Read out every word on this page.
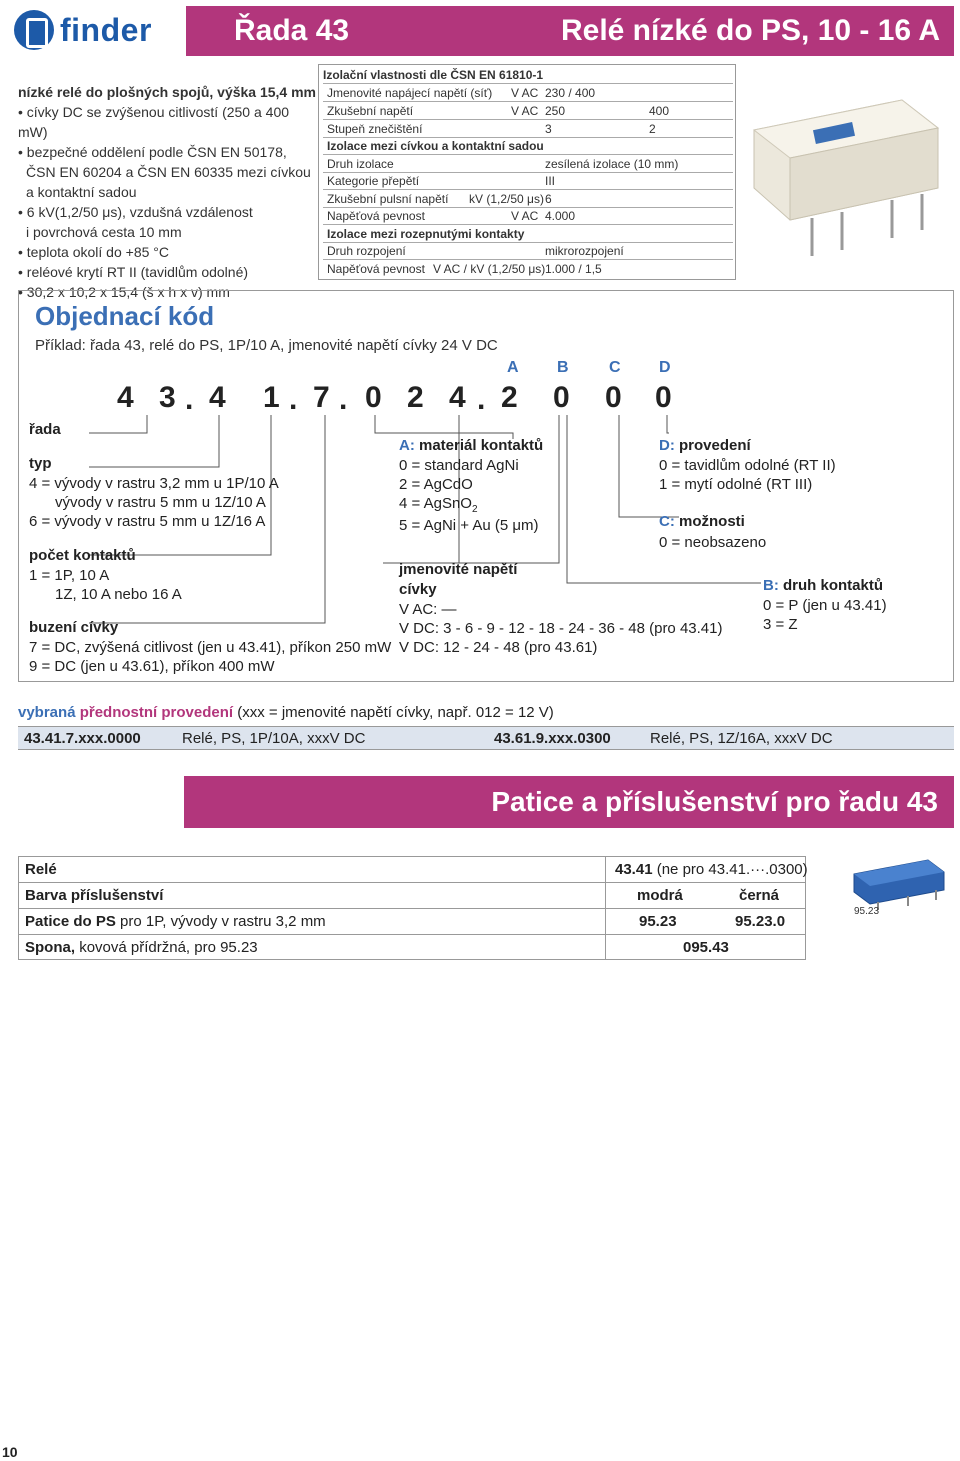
finder	Řada 43	Relé nízké do PS, 10 - 16 A
nízké relé do plošných spojů, výška 15,4 mm
• cívky DC se zvýšenou citlivostí (250 a 400 mW)
• bezpečné oddělení podle ČSN EN 50178,
ČSN EN 60204 a ČSN EN 60335 mezi cívkou
a kontaktní sadou
• 6 kV(1,2/50 μs), vzdušná vzdálenost
i povrchová cesta 10 mm
• teplota okolí do +85 °C
• reléové krytí RT II (tavidlům odolné)
• 30,2 x 10,2 x 15,4 (š x h x v) mm
Izolační vlastnosti dle ČSN EN 61810-1
Jmenovité napájecí napětí (síť) V AC 230 / 400
Zkušební napětí	V AC 250	400
Stupeň znečištění	3	2
Izolace mezi cívkou a kontaktní sadou
Druh izolace	zesílená izolace (10 mm)
Kategorie přepětí	III
Zkušební pulsní napětí kV (1,2/50 μs) 6
Napěťová pevnost	V AC 4.000
Izolace mezi rozepnutými kontakty
Druh rozpojení	mikrorozpojení
Napěťová pevnost V AC / kV (1,2/50 μs) 1.000 / 1,5
Objednací kód
Příklad: řada 43, relé do PS, 1P/10 A, jmenovité napětí cívky 24 V DC
A B	C D
4 3 . 4 1 . 7 . 0 2 4 . 2 0 0 0
řada
typ
4 = vývody v rastru 3,2 mm u 1P/10 A
vývody v rastru 5 mm u 1Z/10 A
6 = vývody v rastru 5 mm u 1Z/16 A
počet kontaktů
1 = 1P, 10 A
1Z, 10 A nebo 16 A
buzení cívky
7 = DC, zvýšená citlivost (jen u 43.41), příkon 250 mW
9 = DC (jen u 43.61), příkon 400 mW
A: materiál kontaktů
0 = standard AgNi
2 = AgCdO
4 = AgSnO$_2$
5 = AgNi + Au (5 μm)
jmenovité napětí
cívky
V AC: —
V DC: 3 - 6 - 9 - 12 - 18 - 24 - 36 - 48 (pro 43.41)
V DC: 12 - 24 - 48 (pro 43.61)
D: provedení
0 = tavidlům odolné (RT II)
1 = mytí odolné (RT III)
C: možnosti
0 = neobsazeno
B: druh kontaktů
0 = P (jen u 43.41)
3 = Z
vybraná přednostní provedení (xxx = jmenovité napětí cívky, např. 012 = 12 V)
43.41.7.xxx.0000	Relé, PS, 1P/10A, xxxV DC	43.61.9.xxx.0300	Relé, PS, 1Z/16A, xxxV DC
Patice a příslušenství pro řadu 43
Relé	43.41 (ne pro 43.41.···.0300)
Barva příslušenství	modrá	černá
Patice do PS pro 1P, vývody v rastru 3,2 mm	95.23	95.23.0
Spona, kovová přídržná, pro 95.23	095.43
95.23
10
